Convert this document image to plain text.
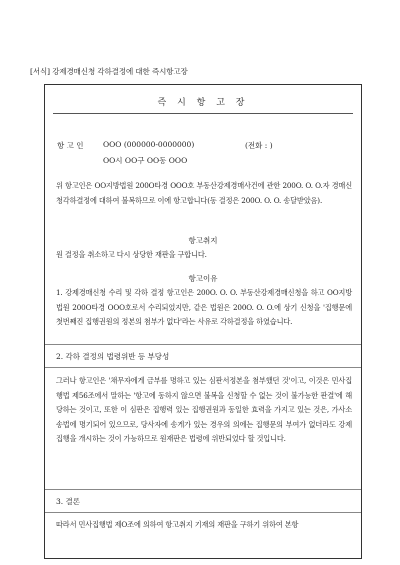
[서식] 강제경매신청 각하결정에 대한 즉시항고장
즉 시 항 고 장
항 고 인	OOO (000000-0000000)	(전화 : )
OO시 OO구 OO동 OOO
위 항고인은 OO지방법원 200O타경 OOO호 부동산강제경매사건에 관한 200O. O. O.자 경매신청각하결정에 대하여 불복하므로 이에 항고합니다(동 결정은 200O. O. O. 송달받았음).
항고취지
원 결정을 취소하고 다시 상당한 재판을 구합니다.
항고이유
1. 강제경매신청 수리 및 각하 결정 항고인은 200O. O. O. 부동산강제경매신청을 하고 OO지방법원 200O타경 OOO호로서 수리되었지만, 같은 법원은 200O. O. O.에 상기 신청을 '집행문에 첫번째진 집행권원의 정본의 첨부가 없다'라는 사유로 각하결정을 하였습니다.
2. 각하 결정의 법령위반 등 부당성
그러나 항고인은 '채무자에게 금부를 명하고 있는 심판서정본을 첨부했던 것'이고, 이것은 민사집행법 제56조에서 말하는 '항고에 동하지 않으면 불복을 신청할 수 없는 것이 불가능한 판결'에 해당하는 것이고, 또한 이 심판은 집행력 있는 집행권원과 동일한 효력을 가지고 있는 것은, 가사소송법에 명기되어 있으므로, 당사자에 송게가 있는 경우의 의에는 집행문의 부여가 없더라도 강제집행을 개시하는 것이 가능하므로 원재판은 법령에 위반되었다 할 것입니다.
3. 결론
따라서 민사집행법 제O조에 의하여 항고취지 기재의 재판을 구하기 위하여 본항
